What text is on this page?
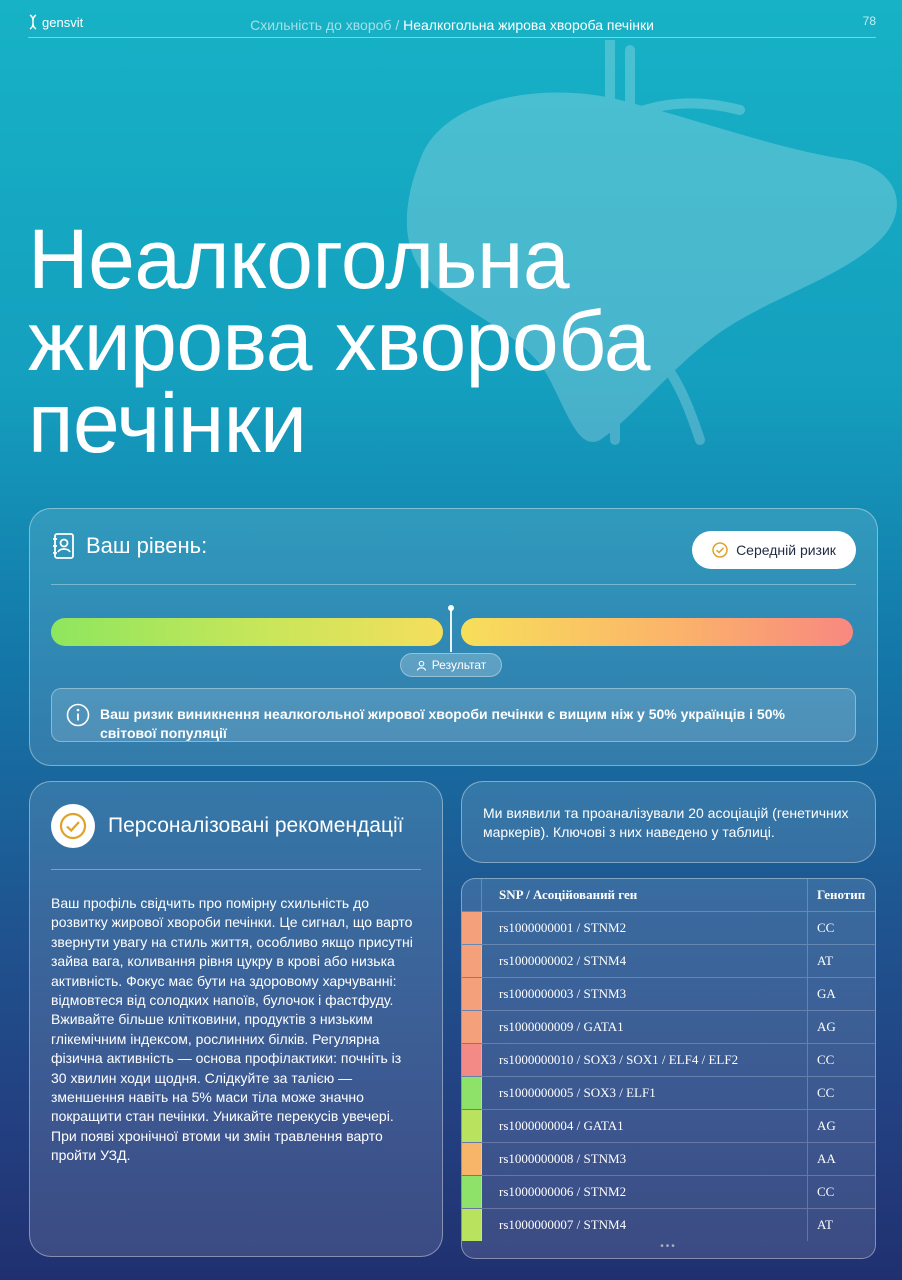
gensvit	Схильність до хвороб / Неалкогольна жирова хвороба печінки	78
Неалкогольна
жирова хвороба
печінки
Ваш рівень:	Середній ризик
Результат
Ваш ризик виникнення неалкогольної жирової хвороби печінки є вищим ніж у 50% українців і 50% світової популяції
Персоналізовані рекомендації
Ваш профіль свідчить про помірну схильність до розвитку жирової хвороби печінки. Це сигнал, що варто звернути увагу на стиль життя, особливо якщо присутні зайва вага, коливання рівня цукру в крові або низька активність. Фокус має бути на здоровому харчуванні: відмовтеся від солодких напоїв, булочок і фастфуду. Вживайте більше клітковини, продуктів з низьким глікемічним індексом, рослинних білків. Регулярна фізична активність — основа профілактики: почніть із 30 хвилин ходи щодня. Слідкуйте за талією — зменшення навіть на 5% маси тіла може значно покращити стан печінки. Уникайте перекусів увечері. При появі хронічної втоми чи змін травлення варто пройти УЗД.
Ми виявили та проаналізували 20 асоціацій (генетичних маркерів). Ключові з них наведено у таблиці.
SNP / Асоційований ген	Генотип
rs1000000001 / STNM2	CC
rs1000000002 / STNM4	AT
rs1000000003 / STNM3	GA
rs1000000009 / GATA1	AG
rs1000000010 / SOX3 / SOX1 / ELF4 / ELF2	CC
rs1000000005 / SOX3 / ELF1	CC
rs1000000004 / GATA1	AG
rs1000000008 / STNM3	AA
rs1000000006 / STNM2	CC
rs1000000007 / STNM4	AT
•••
